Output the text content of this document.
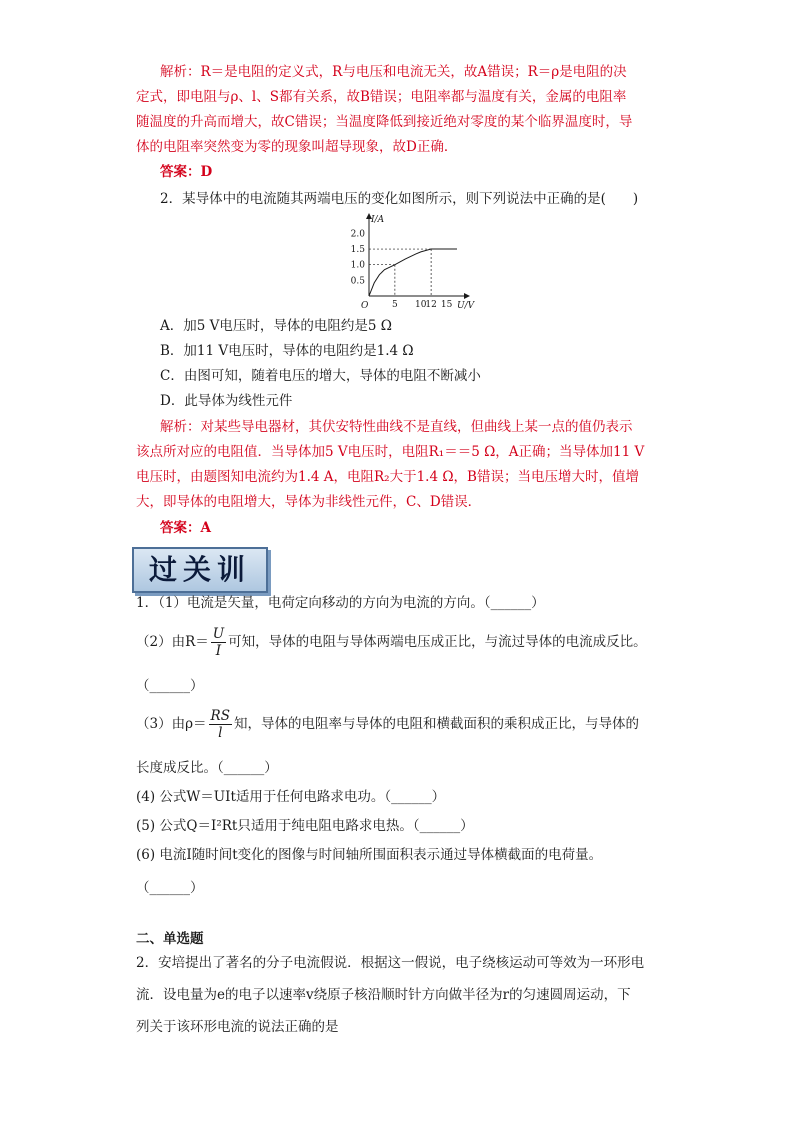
解析：R＝是电阻的定义式，R与电压和电流无关，故A错误；R＝ρ是电阻的决
定式，即电阻与ρ、l、S都有关系，故B错误；电阻率都与温度有关，金属的电阻率
随温度的升高而增大，故C错误；当温度降低到接近绝对零度的某个临界温度时，导
体的电阻率突然变为零的现象叫超导现象，故D正确．
答案：D
2．某导体中的电流随其两端电压的变化如图所示，则下列说法中正确的是(　　)
5 10
12 15
0.5
1.0
1.5
2.0
I/A
U/V
O
A．加5 V电压时，导体的电阻约是5 Ω
B．加11 V电压时，导体的电阻约是1.4 Ω
C．由图可知，随着电压的增大，导体的电阻不断减小
D．此导体为线性元件
解析：对某些导电器材，其伏安特性曲线不是直线，但曲线上某一点的值仍表示
该点所对应的电阻值．当导体加5 V电压时，电阻R₁＝＝5 Ω，A正确；当导体加11 V
电压时，由题图知电流约为1.4 A，电阻R₂大于1.4 Ω，B错误；当电压增大时，值增
大，即导体的电阻增大，导体为非线性元件，C、D错误．
答案：A
过关训
1．（1）电流是矢量，电荷定向移动的方向为电流的方向。（______）
（2）由$R= \frac{U}{I}$ 可知，导体的电阻与导体两端电压成正比，与流过导体的电流成反比。
（______）
（3）由$\rho= \frac{RS}{l}$ 知，导体的电阻率与导体的电阻和横截面积的乘积成正比，与导体的
长度成反比。（______）
(4) 公式W＝UIt适用于任何电路求电功。（______）
(5) 公式Q＝I²Rt只适用于纯电阻电路求电热。（______）
(6) 电流I随时间t变化的图像与时间轴所围面积表示通过导体横截面的电荷量。
（______）
二、单选题
2．安培提出了著名的分子电流假说．根据这一假说，电子绕核运动可等效为一环形电
流．设电量为e的电子以速率v绕原子核沿顺时针方向做半径为r的匀速圆周运动，下
列关于该环形电流的说法正确的是
